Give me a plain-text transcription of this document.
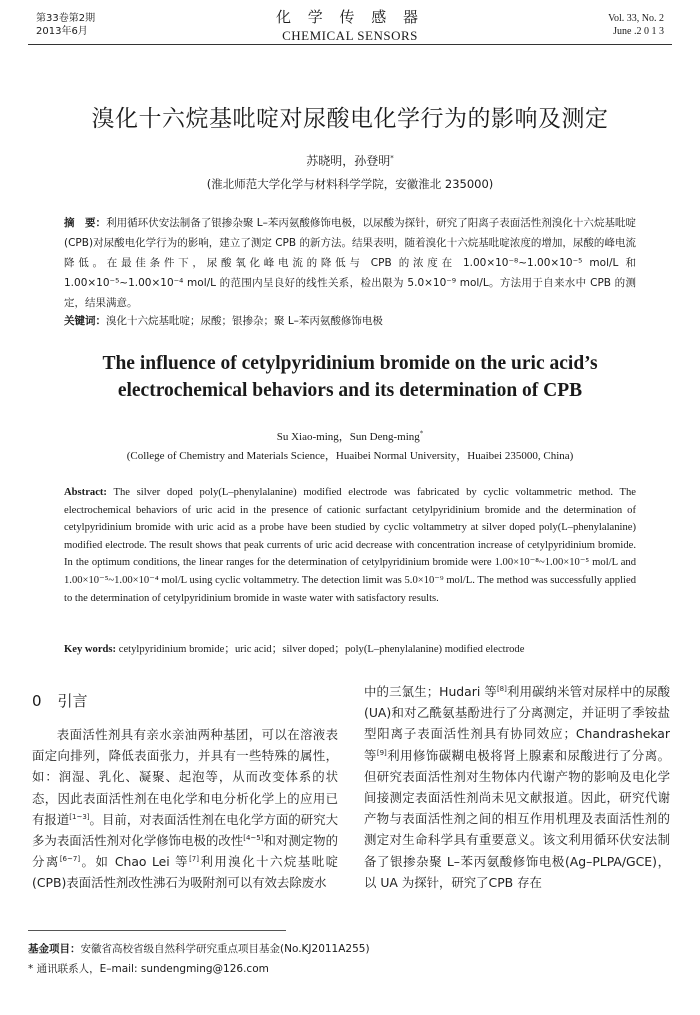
第33卷第2期
2013年6月
化 学 传 感 器
CHEMICAL SENSORS
Vol. 33, No. 2
June .2 0 1 3
溴化十六烷基吡啶对尿酸电化学行为的影响及测定
苏晓明，孙登明*
(淮北师范大学化学与材料科学学院，安徽淮北 235000)
摘　要：利用循环伏安法制备了银掺杂聚 L–苯丙氨酸修饰电极，以尿酸为探针，研究了阳离子表面活性剂溴化十六烷基吡啶(CPB)对尿酸电化学行为的影响，建立了测定 CPB 的新方法。结果表明，随着溴化十六烷基吡啶浓度的增加，尿酸的峰电流降低。在最佳条件下，尿酸氧化峰电流的降低与 CPB 的浓度在 1.00×10⁻⁸~1.00×10⁻⁵ mol/L 和 1.00×10⁻⁵~1.00×10⁻⁴ mol/L 的范围内呈良好的线性关系，检出限为 5.0×10⁻⁹ mol/L。方法用于自来水中 CPB 的测定，结果满意。
关键词：溴化十六烷基吡啶；尿酸；银掺杂；聚 L–苯丙氨酸修饰电极
The influence of cetylpyridinium bromide on the uric acid’s electrochemical behaviors and its determination of CPB
Su Xiao-ming，Sun Deng-ming*
(College of Chemistry and Materials Science，Huaibei Normal University，Huaibei 235000, China)
Abstract: The silver doped poly(L–phenylalanine) modified electrode was fabricated by cyclic voltammetric method. The electrochemical behaviors of uric acid in the presence of cationic surfactant cetylpyridinium bromide and the determination of cetylpyridinium bromide with uric acid as a probe have been studied by cyclic voltammetry at silver doped poly(L–phenylalanine) modified electrode. The result shows that peak currents of uric acid decrease with concentration increase of cetylpyridinium bromide. In the optimum conditions, the linear ranges for the determination of cetylpyridinium bromide were 1.00×10⁻⁸~1.00×10⁻⁵ mol/L and 1.00×10⁻⁵~1.00×10⁻⁴ mol/L using cyclic voltammetry. The detection limit was 5.0×10⁻⁹ mol/L. The method was successfully applied to the determination of cetylpyridinium bromide in waste water with satisfactory results.
Key words: cetylpyridinium bromide；uric acid；silver doped；poly(L–phenylalanine) modified electrode
0 引言
表面活性剂具有亲水亲油两种基团，可以在溶液表面定向排列，降低表面张力，并具有一些特殊的属性，如：润湿、乳化、凝聚、起泡等，从而改变体系的状态，因此表面活性剂在电化学和电分析化学上的应用已有报道[1~3]。目前，对表面活性剂在电化学方面的研究大多为表面活性剂对化学修饰电极的改性[4~5]和对测定物的分离[6~7]。如 Chao Lei 等[7]利用溴化十六烷基吡啶(CPB)表面活性剂改性沸石为吸附剂可以有效去除废水
中的三氯生；Hudari 等[8]利用碳纳米管对尿样中的尿酸(UA)和对乙酰氨基酚进行了分离测定，并证明了季铵盐型阳离子表面活性剂具有协同效应；Chandrashekar 等[9]利用修饰碳糊电极将肾上腺素和尿酸进行了分离。但研究表面活性剂对生物体内代谢产物的影响及电化学间接测定表面活性剂尚未见文献报道。因此，研究代谢产物与表面活性剂之间的相互作用机理及表面活性剂的测定对生命科学具有重要意义。该文利用循环伏安法制备了银掺杂聚 L–苯丙氨酸修饰电极(Ag–PLPA/GCE)，以 UA 为探针，研究了CPB 存在
基金项目：安徽省高校省级自然科学研究重点项目基金(No.KJ2011A255)
* 通讯联系人，E–mail: sundengming@126.com
